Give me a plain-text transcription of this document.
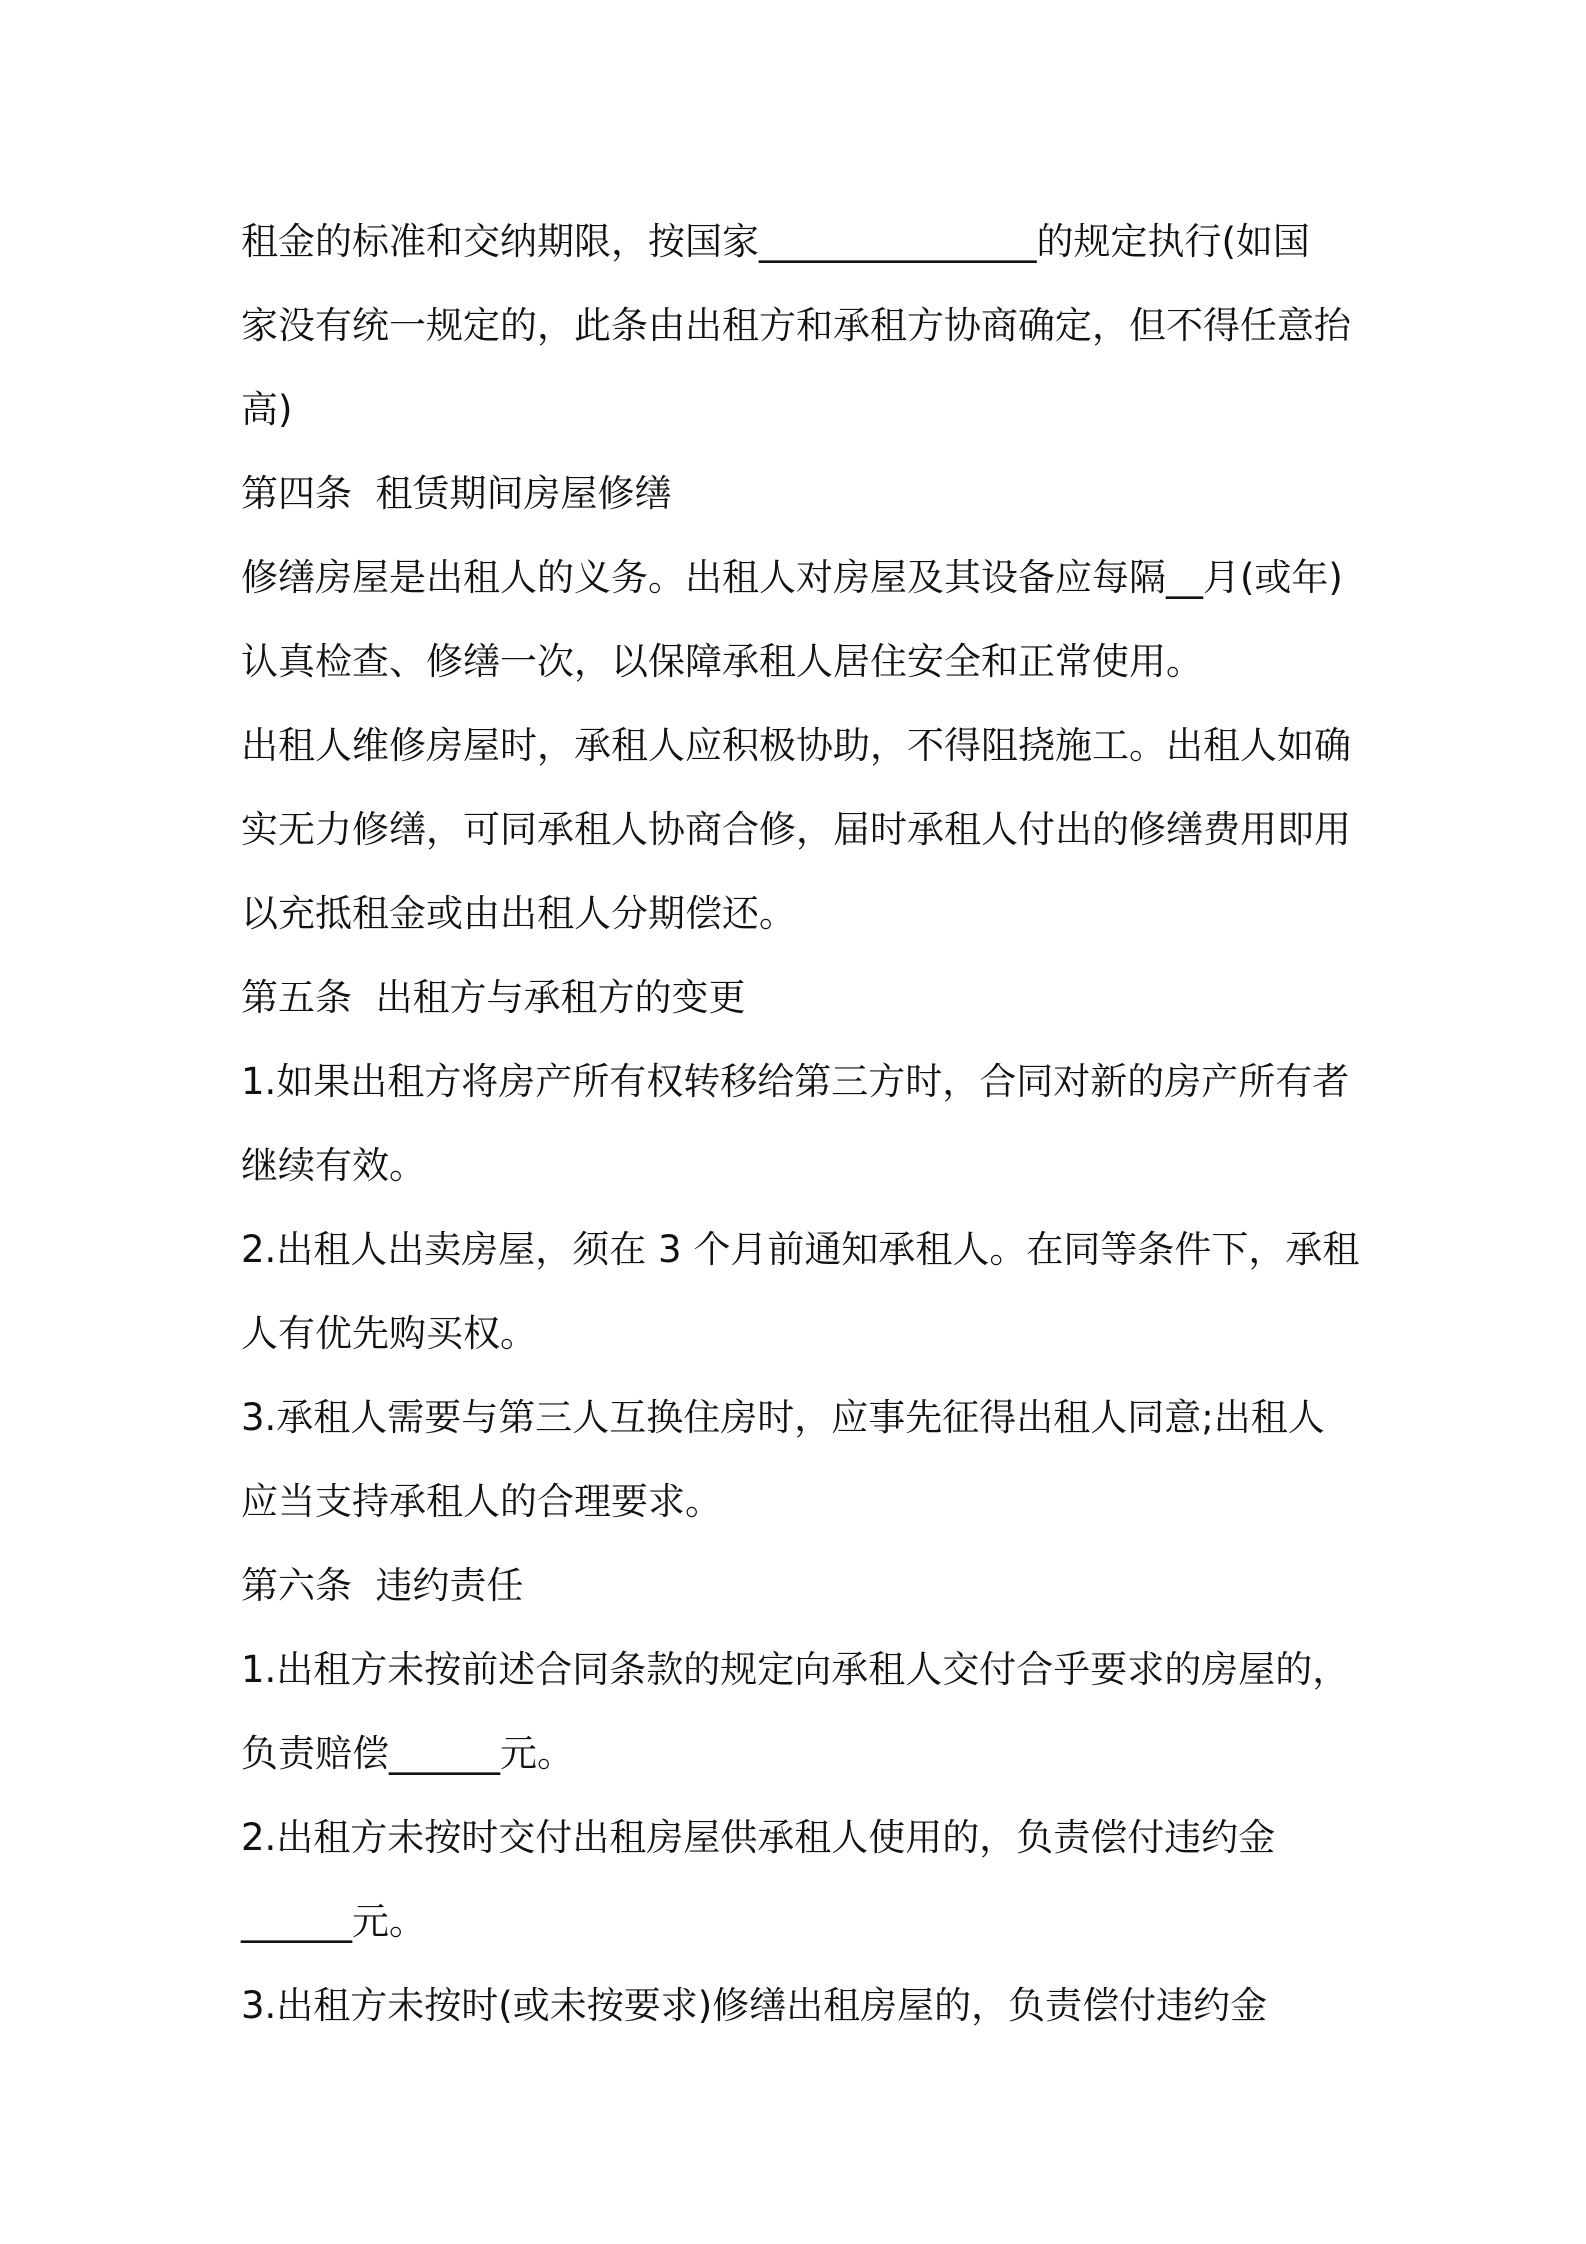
租金的标准和交纳期限，按国家_______________的规定执行(如国

家没有统一规定的，此条由出租方和承租方协商确定，但不得任意抬

高)

第四条  租赁期间房屋修缮

修缮房屋是出租人的义务。出租人对房屋及其设备应每隔__月(或年)

认真检查、修缮一次，以保障承租人居住安全和正常使用。

出租人维修房屋时，承租人应积极协助，不得阻挠施工。出租人如确

实无力修缮，可同承租人协商合修，届时承租人付出的修缮费用即用

以充抵租金或由出租人分期偿还。

第五条  出租方与承租方的变更

1.如果出租方将房产所有权转移给第三方时，合同对新的房产所有者

继续有效。

2.出租人出卖房屋，须在 3 个月前通知承租人。在同等条件下，承租

人有优先购买权。

3.承租人需要与第三人互换住房时，应事先征得出租人同意;出租人

应当支持承租人的合理要求。

第六条  违约责任

1.出租方未按前述合同条款的规定向承租人交付合乎要求的房屋的，

负责赔偿______元。

2.出租方未按时交付出租房屋供承租人使用的，负责偿付违约金

______元。

3.出租方未按时(或未按要求)修缮出租房屋的，负责偿付违约金
